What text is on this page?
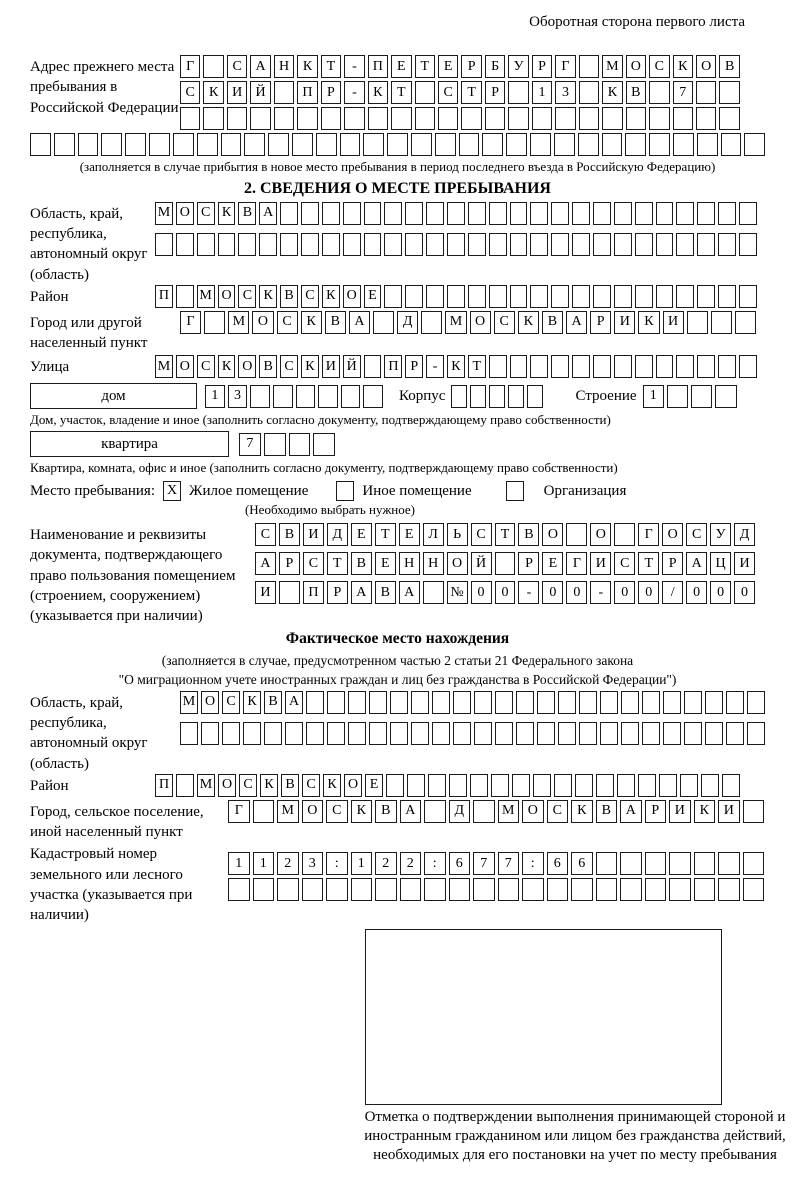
Оборотная сторона первого листа
Адрес прежнего места пребывания в Российской Федерации
Г	С А Н К	Т	-	П	Е	Т	Е	Р	Б	У	Р	Г	М О С	К О В
С	К И Й	П	Р	-	К	Т	С	Т	Р	1	3	К	В	7
(заполняется в случае прибытия в новое место пребывания в период последнего въезда в Российскую Федерацию)
2. СВЕДЕНИЯ О МЕСТЕ ПРЕБЫВАНИЯ
Область, край, республика, автономный округ (область)
М О С К В А
Район	П М О С К В С К О Е
Город или другой населенный пункт
Г	М О	С	К	В	А	Д	М О	С	К	В	А	Р	И	К	И
Улица	М О С К О В С К И Й П Р	- К Т
дом	1	3	Корпус	Строение 1
Дом, участок, владение и иное (заполнить согласно документу, подтверждающему право собственности)
квартира	7
Квартира, комната, офис и иное (заполнить согласно документу, подтверждающему право собственности)
Место пребывания: X Жилое помещение	Иное помещение	Организация
(Необходимо выбрать нужное)
Наименование и реквизиты документа, подтверждающего право пользования помещением (строением, сооружением) (указывается при наличии)
С	В	И	Д	Е	Т	Е	Л	Ь	С	Т	В	О	О	Г	О	С	У	Д
А	Р	С	Т	В	Е	Н Н О Й	Р	Е	Г	И	С	Т	Р	А Ц И
И	П	Р	А	В	А	№ 0	0	-	0	0	-	0	0	/	0	0	0
Фактическое место нахождения
(заполняется в случае, предусмотренном частью 2 статьи 21 Федерального закона
"О миграционном учете иностранных граждан и лиц без гражданства в Российской Федерации")
Область, край, республика, автономный округ (область)
М О С К В А
Район	П М О С К В С К О Е
Город, сельское поселение, иной населенный пункт
Г	М О	С	К	В	А	Д	М О	С	К	В	А	Р	И	К	И
Кадастровый номер земельного или лесного участка (указывается при наличии)
1	1	2	3	:	1	2	2	:	6	7	7	:	6	6
Отметка о подтверждении выполнения принимающей стороной и иностранным гражданином или лицом без гражданства действий, необходимых для его постановки на учет по месту пребывания
